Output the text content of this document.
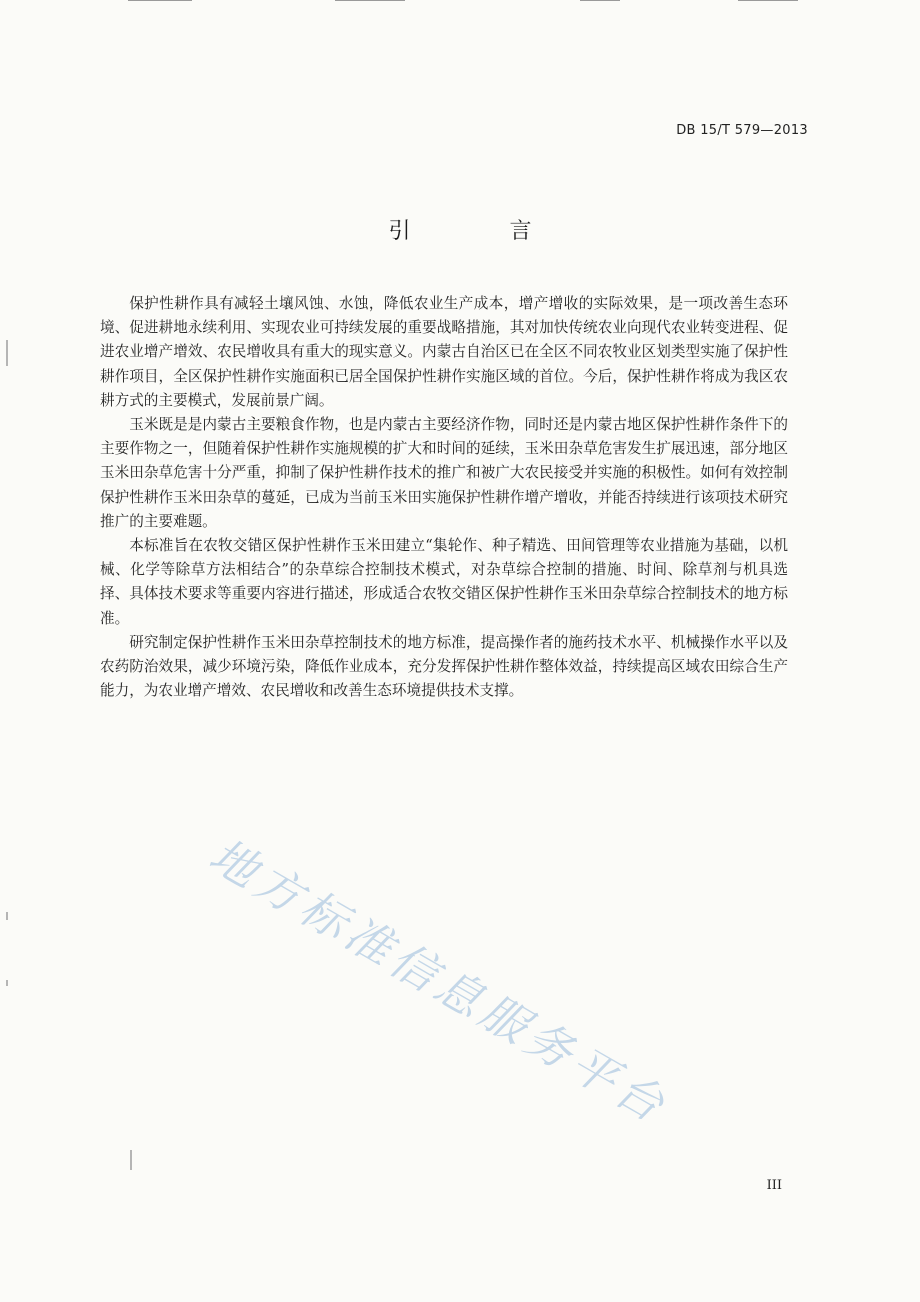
DB 15/T 579—2013
引 言

保护性耕作具有减轻土壤风蚀、水蚀，降低农业生产成本，增产增收的实际效果，是一项改善生态环境、促进耕地永续利用、实现农业可持续发展的重要战略措施，其对加快传统农业向现代农业转变进程、促进农业增产增效、农民增收具有重大的现实意义。内蒙古自治区已在全区不同农牧业区划类型实施了保护性耕作项目，全区保护性耕作实施面积已居全国保护性耕作实施区域的首位。今后，保护性耕作将成为我区农耕方式的主要模式，发展前景广阔。

玉米既是是内蒙古主要粮食作物，也是内蒙古主要经济作物，同时还是内蒙古地区保护性耕作条件下的主要作物之一，但随着保护性耕作实施规模的扩大和时间的延续，玉米田杂草危害发生扩展迅速，部分地区玉米田杂草危害十分严重，抑制了保护性耕作技术的推广和被广大农民接受并实施的积极性。如何有效控制保护性耕作玉米田杂草的蔓延，已成为当前玉米田实施保护性耕作增产增收，并能否持续进行该项技术研究推广的主要难题。

本标准旨在农牧交错区保护性耕作玉米田建立“集轮作、种子精选、田间管理等农业措施为基础，以机械、化学等除草方法相结合”的杂草综合控制技术模式，对杂草综合控制的措施、时间、除草剂与机具选择、具体技术要求等重要内容进行描述，形成适合农牧交错区保护性耕作玉米田杂草综合控制技术的地方标准。

研究制定保护性耕作玉米田杂草控制技术的地方标准，提高操作者的施药技术水平、机械操作水平以及农药防治效果，减少环境污染，降低作业成本，充分发挥保护性耕作整体效益，持续提高区域农田综合生产能力，为农业增产增效、农民增收和改善生态环境提供技术支撑。

地方标准信息服务平台
III
